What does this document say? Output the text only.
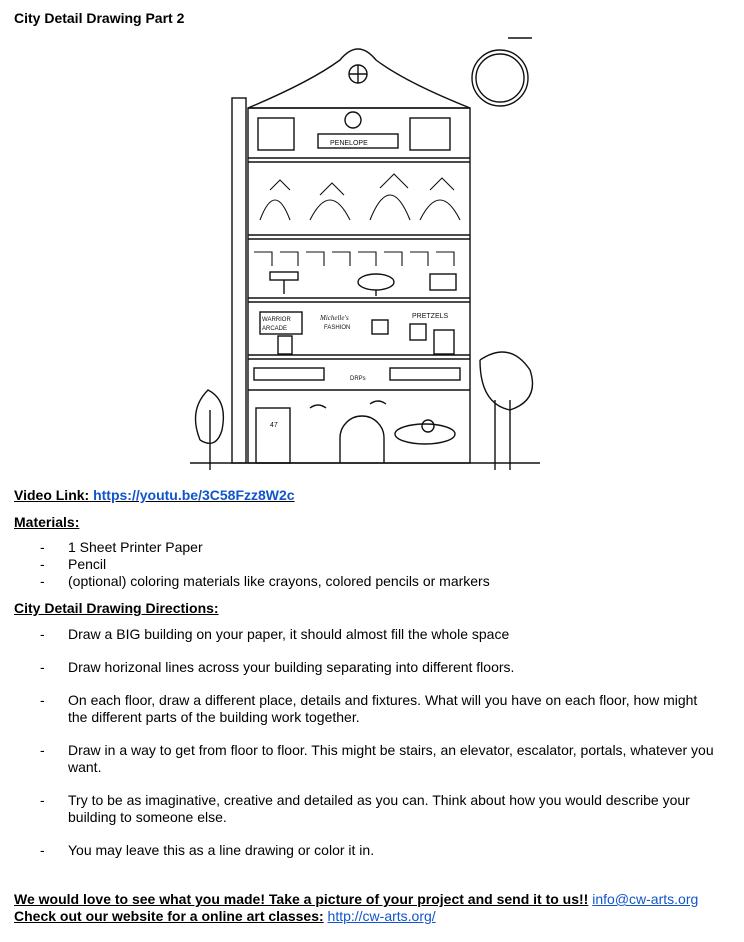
City Detail Drawing Part 2
PENELOPE
WARRIOR
ARCADE
Michelle's
FASHION
PRETZELS
DRPs
47
Video Link: https://youtu.be/3C58Fzz8W2c
Materials:
- 1 Sheet Printer Paper
- Pencil
- (optional) coloring materials like crayons, colored pencils or markers
City Detail Drawing Directions:
- Draw a BIG building on your paper, it should almost fill the whole space
- Draw horizonal lines across your building separating into different floors.
- On each floor, draw a different place, details and fixtures. What will you have on each floor, how might the different parts of the building work together.
- Draw in a way to get from floor to floor. This might be stairs, an elevator, escalator, portals, whatever you want.
- Try to be as imaginative, creative and detailed as you can. Think about how you would describe your building to someone else.
- You may leave this as a line drawing or color it in.
We would love to see what you made! Take a picture of your project and send it to us!! info@cw-arts.org Check out our website for a online art classes: http://cw-arts.org/
